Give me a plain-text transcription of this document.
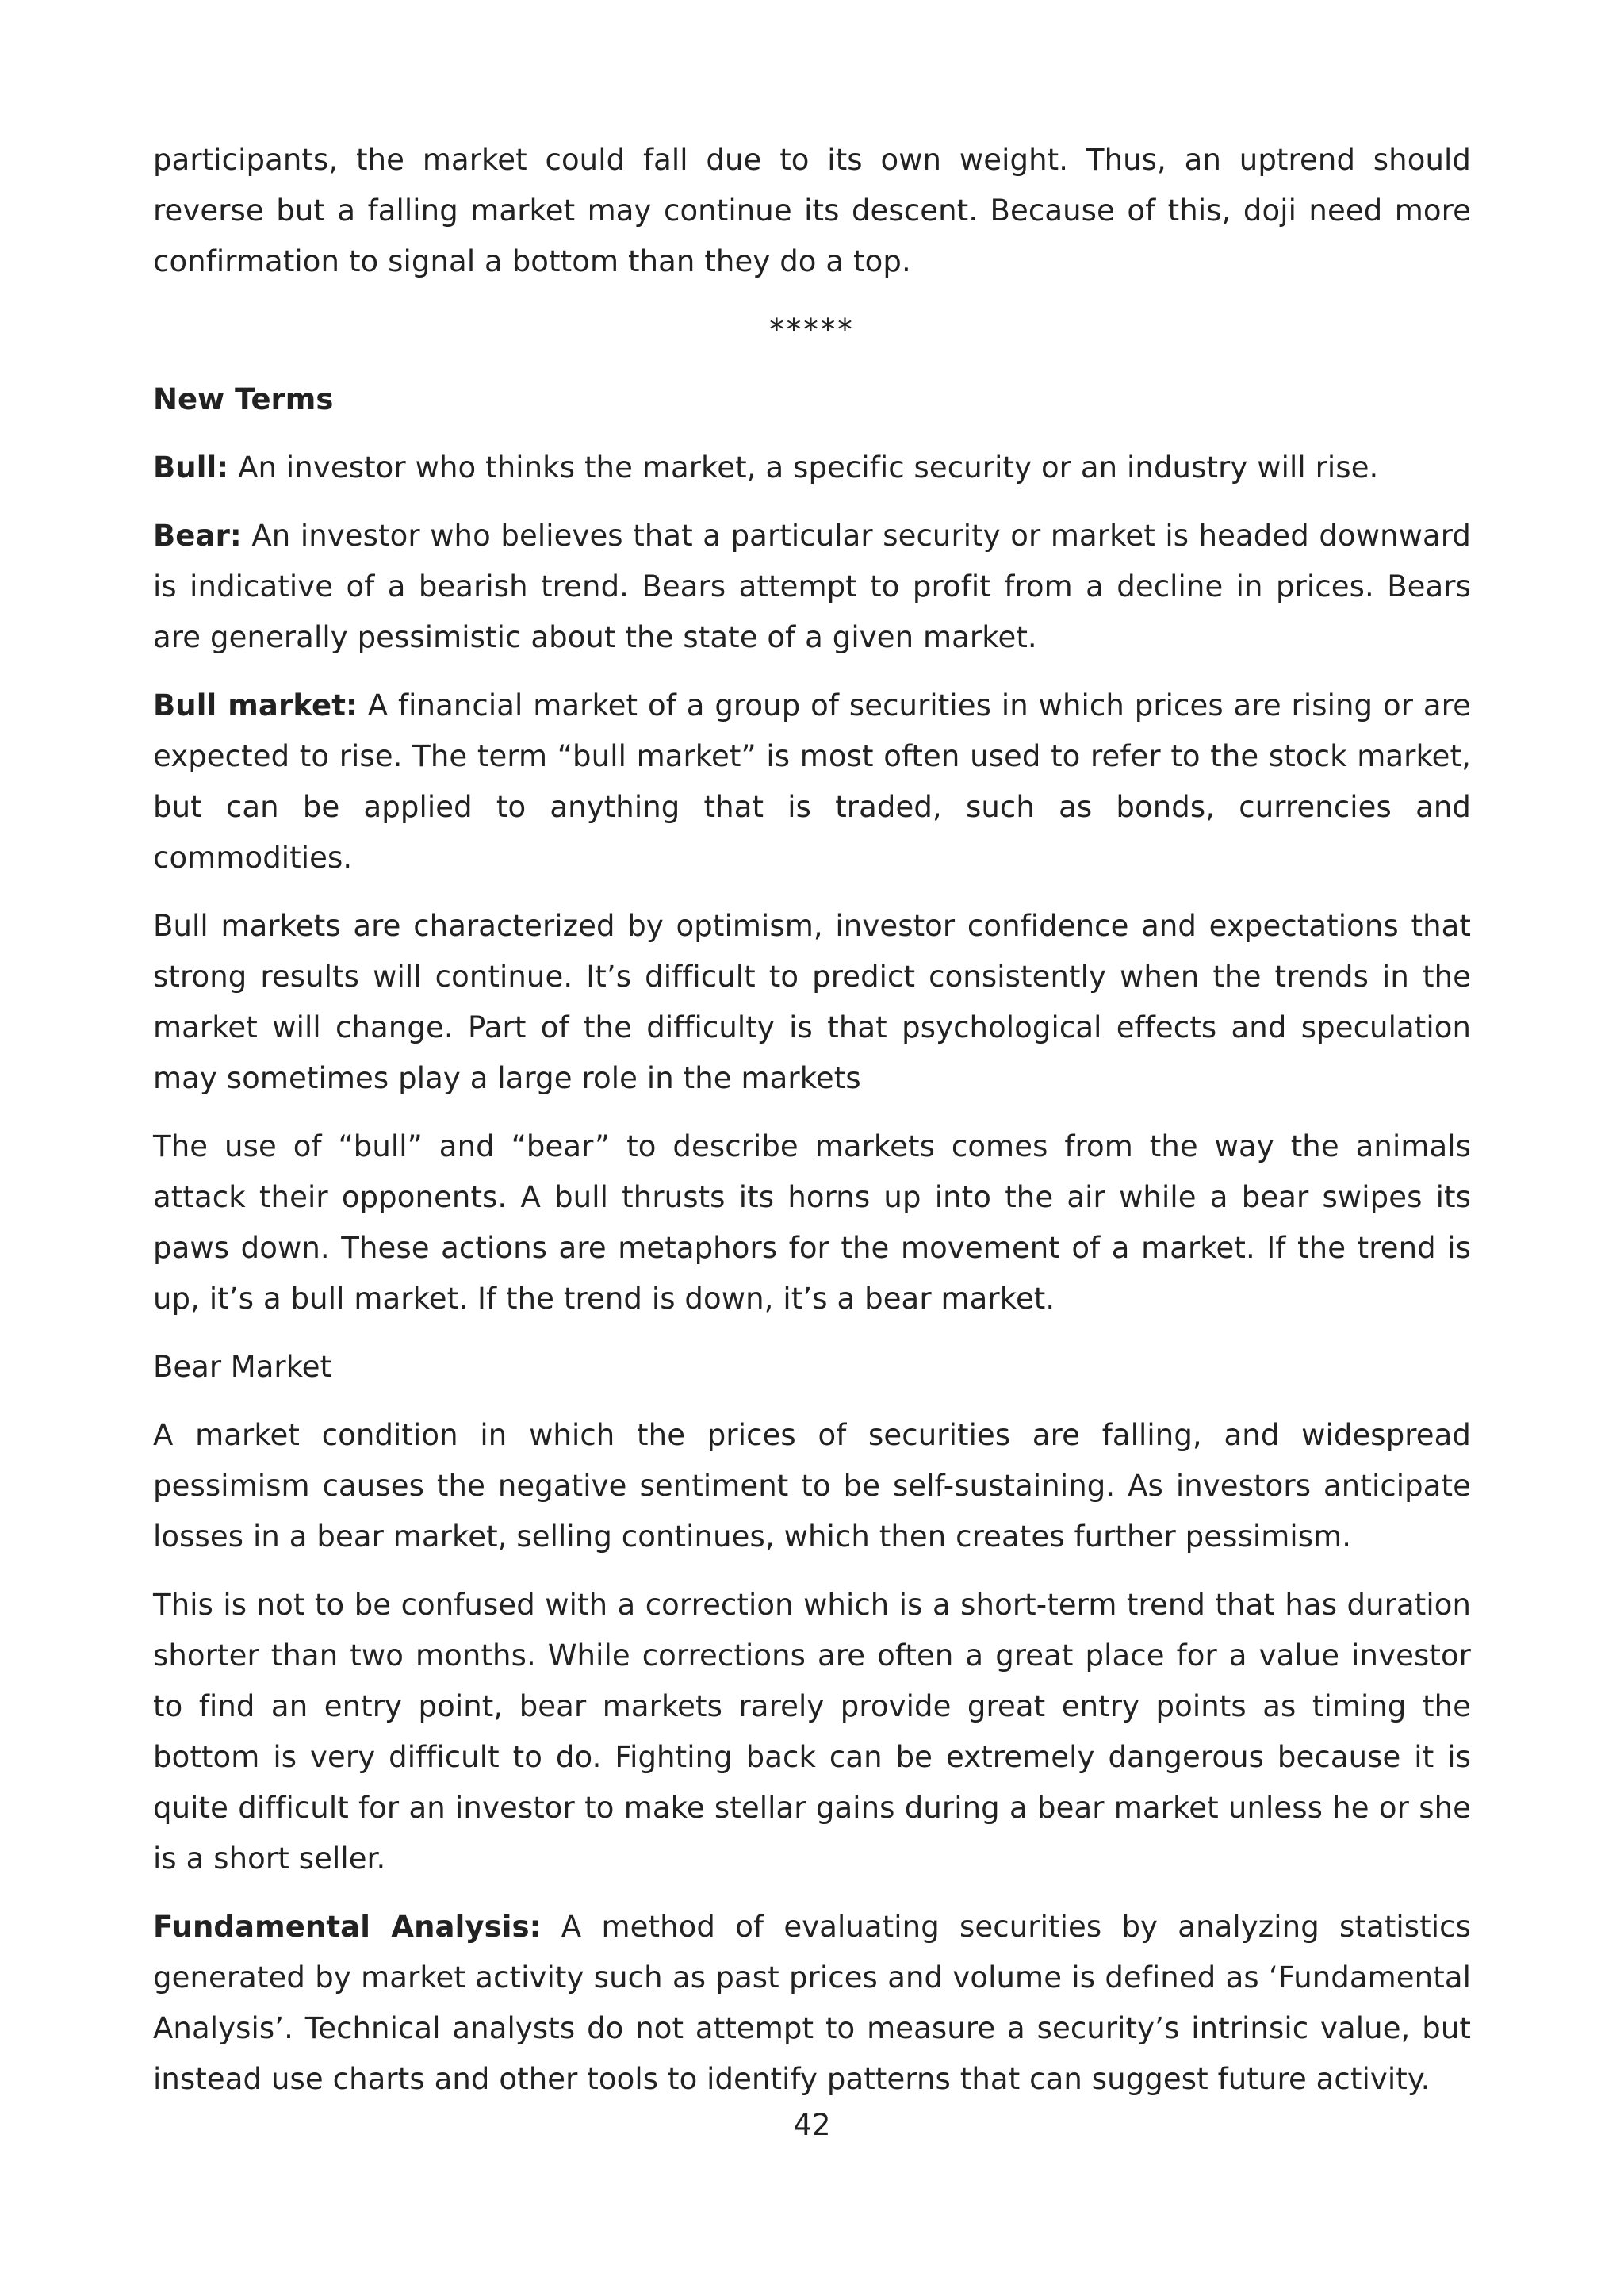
participants, the market could fall due to its own weight. Thus, an uptrend should reverse but a falling market may continue its descent. Because of this, doji need more confirmation to signal a bottom than they do a top.

*****
New Terms

Bull: An investor who thinks the market, a specific security or an industry will rise.

Bear: An investor who believes that a particular security or market is headed downward is indicative of a bearish trend. Bears attempt to profit from a decline in prices. Bears are generally pessimistic about the state of a given market.

Bull market: A financial market of a group of securities in which prices are rising or are expected to rise. The term “bull market” is most often used to refer to the stock market, but can be applied to anything that is traded, such as bonds, currencies and commodities.

Bull markets are characterized by optimism, investor confidence and expectations that strong results will continue. It’s difficult to predict consistently when the trends in the market will change. Part of the difficulty is that psychological effects and speculation may sometimes play a large role in the markets

The use of “bull” and “bear” to describe markets comes from the way the animals attack their opponents. A bull thrusts its horns up into the air while a bear swipes its paws down. These actions are metaphors for the movement of a market. If the trend is up, it’s a bull market. If the trend is down, it’s a bear market.

Bear Market

A market condition in which the prices of securities are falling, and widespread pessimism causes the negative sentiment to be self-sustaining. As investors anticipate losses in a bear market, selling continues, which then creates further pessimism.

This is not to be confused with a correction which is a short-term trend that has duration shorter than two months. While corrections are often a great place for a value investor to find an entry point, bear markets rarely provide great entry points as timing the bottom is very difficult to do. Fighting back can be extremely dangerous because it is quite difficult for an investor to make stellar gains during a bear market unless he or she is a short seller.

Fundamental Analysis: A method of evaluating securities by analyzing statistics generated by market activity such as past prices and volume is defined as ‘Fundamental Analysis’. Technical analysts do not attempt to measure a security’s intrinsic value, but instead use charts and other tools to identify patterns that can suggest future activity.

42
